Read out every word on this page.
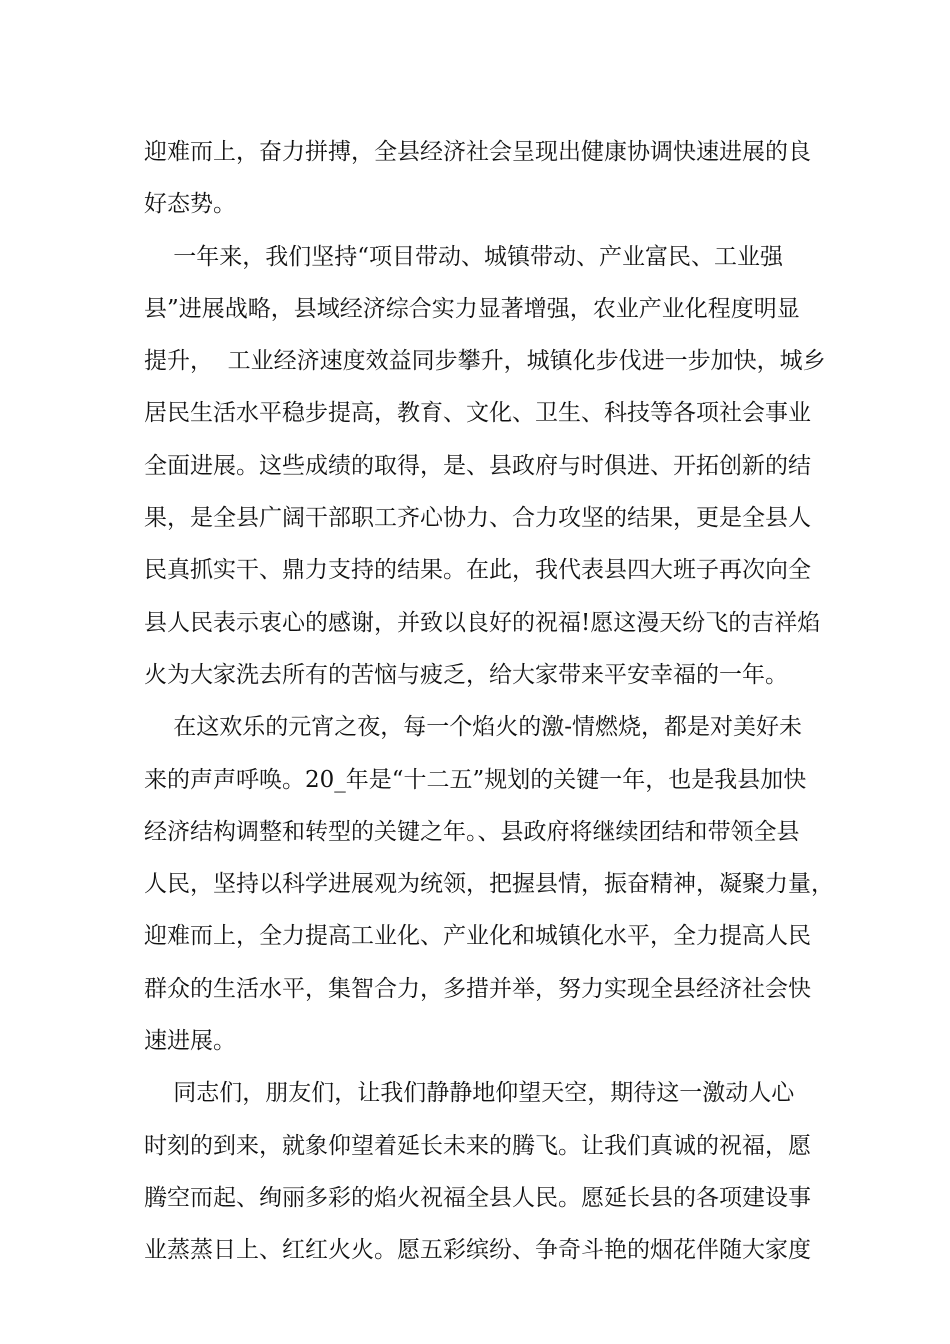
迎难而上，奋力拼搏，全县经济社会呈现出健康协调快速进展的良
好态势。
一年来，我们坚持“项目带动、城镇带动、产业富民、工业强
县”进展战略，县域经济综合实力显著增强，农业产业化程度明显
提升，  工业经济速度效益同步攀升，城镇化步伐进一步加快，城乡
居民生活水平稳步提高，教育、文化、卫生、科技等各项社会事业
全面进展。这些成绩的取得，是、县政府与时俱进、开拓创新的结
果，是全县广阔干部职工齐心协力、合力攻坚的结果，更是全县人
民真抓实干、鼎力支持的结果。在此，我代表县四大班子再次向全
县人民表示衷心的感谢，并致以良好的祝福!愿这漫天纷飞的吉祥焰
火为大家洗去所有的苦恼与疲乏，给大家带来平安幸福的一年。
在这欢乐的元宵之夜，每一个焰火的激-情燃烧，都是对美好未
来的声声呼唤。20_年是“十二五”规划的关键一年，也是我县加快
经济结构调整和转型的关键之年。、县政府将继续团结和带领全县
人民，坚持以科学进展观为统领，把握县情，振奋精神，凝聚力量，
迎难而上，全力提高工业化、产业化和城镇化水平，全力提高人民
群众的生活水平，集智合力，多措并举，努力实现全县经济社会快
速进展。
同志们，朋友们，让我们静静地仰望天空，期待这一激动人心
时刻的到来，就象仰望着延长未来的腾飞。让我们真诚的祝福，愿
腾空而起、绚丽多彩的焰火祝福全县人民。愿延长县的各项建设事
业蒸蒸日上、红红火火。愿五彩缤纷、争奇斗艳的烟花伴随大家度
